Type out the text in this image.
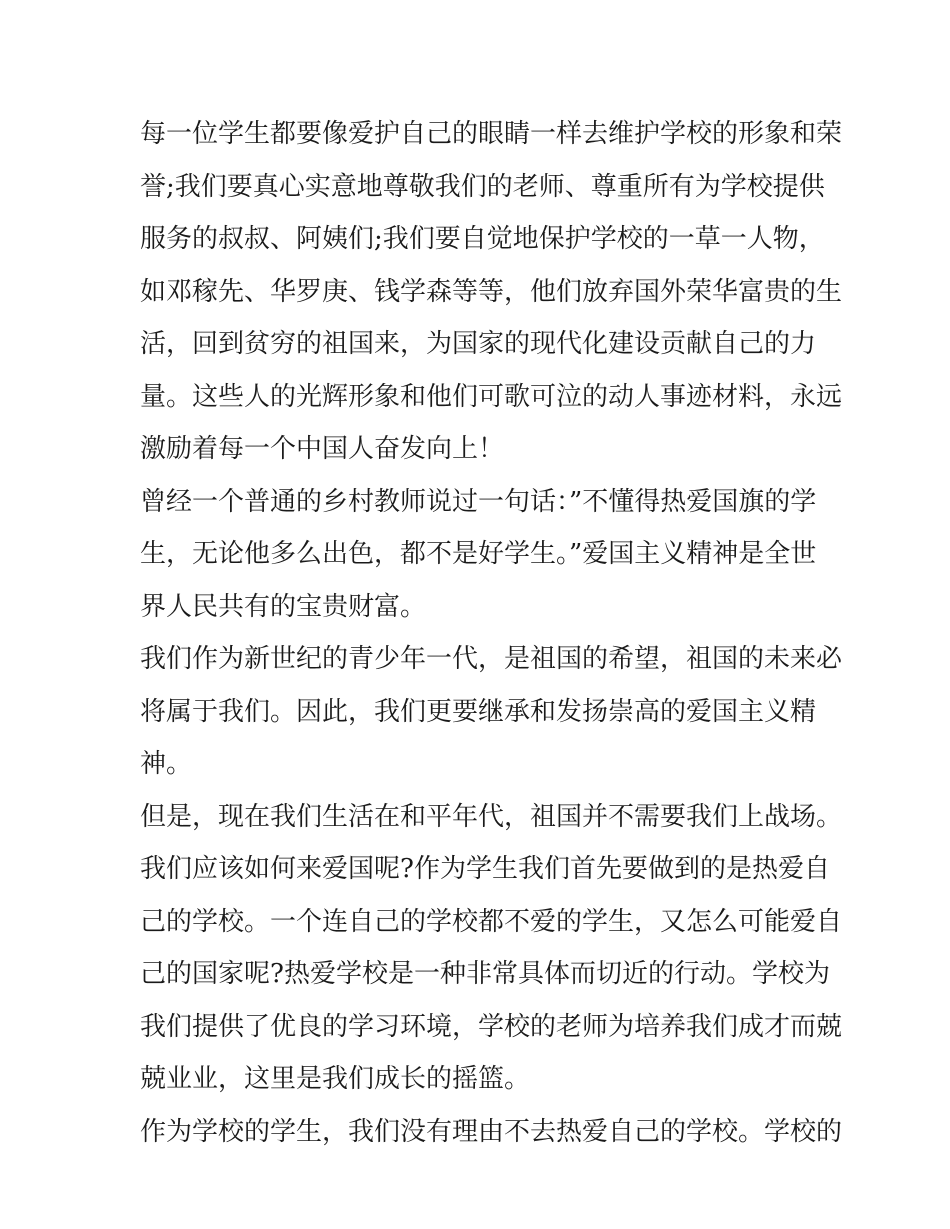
每一位学生都要像爱护自己的眼睛一样去维护学校的形象和荣
誉;我们要真心实意地尊敬我们的老师、尊重所有为学校提供
服务的叔叔、阿姨们;我们要自觉地保护学校的一草一人物，
如邓稼先、华罗庚、钱学森等等，他们放弃国外荣华富贵的生
活，回到贫穷的祖国来，为国家的现代化建设贡献自己的力
量。这些人的光辉形象和他们可歌可泣的动人事迹材料，永远
激励着每一个中国人奋发向上！
曾经一个普通的乡村教师说过一句话：”不懂得热爱国旗的学
生，无论他多么出色，都不是好学生。”爱国主义精神是全世
界人民共有的宝贵财富。
我们作为新世纪的青少年一代，是祖国的希望，祖国的未来必
将属于我们。因此，我们更要继承和发扬崇高的爱国主义精
神。
但是，现在我们生活在和平年代，祖国并不需要我们上战场。
我们应该如何来爱国呢?作为学生我们首先要做到的是热爱自
己的学校。一个连自己的学校都不爱的学生，又怎么可能爱自
己的国家呢?热爱学校是一种非常具体而切近的行动。学校为
我们提供了优良的学习环境，学校的老师为培养我们成才而兢
兢业业，这里是我们成长的摇篮。
作为学校的学生，我们没有理由不去热爱自己的学校。学校的
